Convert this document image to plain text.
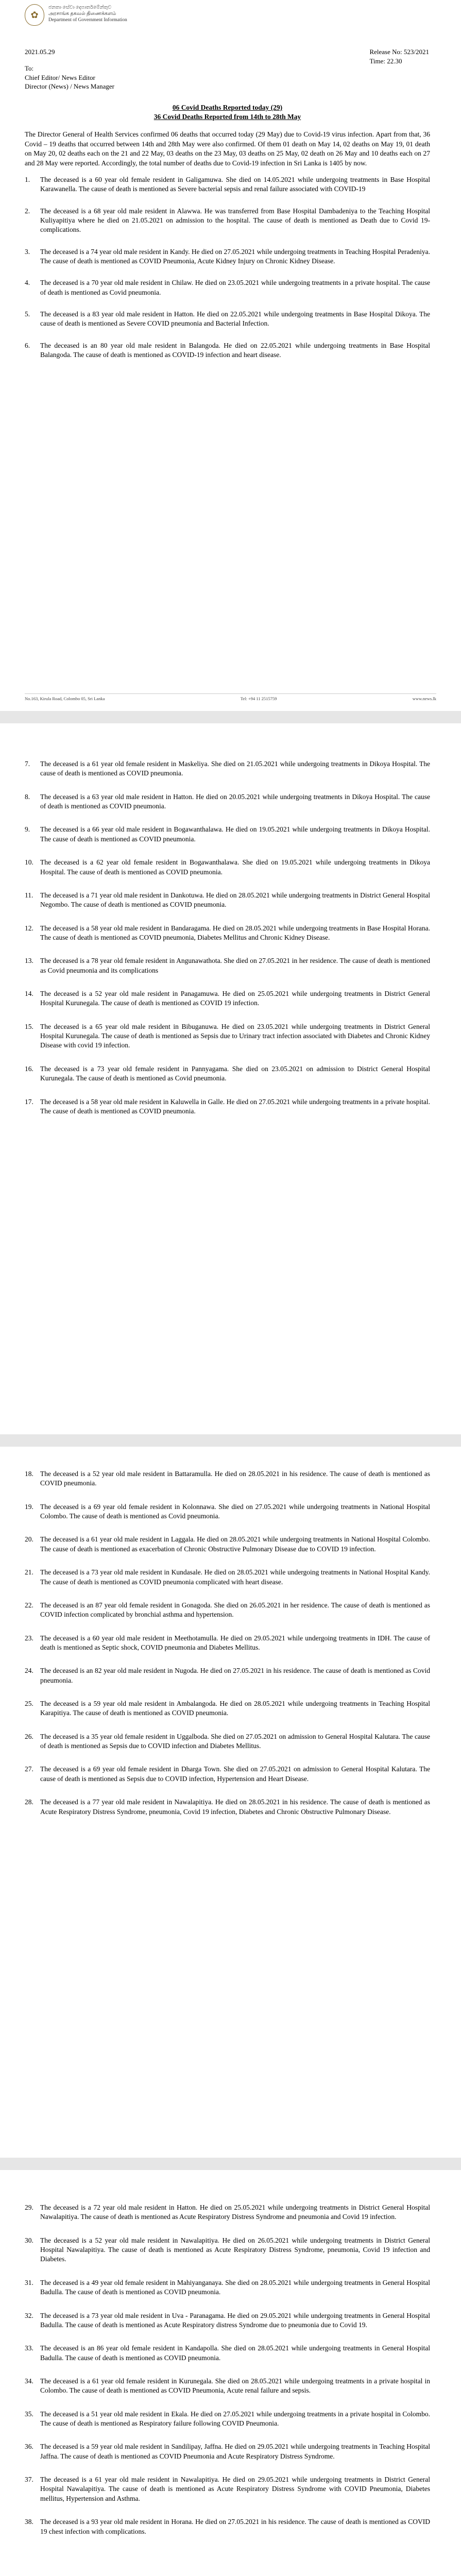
✿
ජනතා සේවා දෙපාර්තමේන්තුව
அரசாங்க தகவல் திணைக்களம்
Department of Government Information
2021.05.29	Release No: 523/2021
Time: 22.30
To:
Chief Editor/ News Editor
Director (News) / News Manager
06 Covid Deaths Reported today (29)
36 Covid Deaths Reported from 14th to 28th May

The Director General of Health Services confirmed 06 deaths that occurred today (29 May) due to Covid-19 virus infection. Apart from that, 36 Covid – 19 deaths that occurred between 14th and 28th May were also confirmed. Of them 01 death on May 14, 02 deaths on May 19, 01 death on May 20, 02 deaths each on the 21 and 22 May, 03 deaths on the 23 May, 03 deaths on 25 May, 02 death on 26 May and 10 deaths each on 27 and 28 May were reported. Accordingly, the total number of deaths due to Covid-19 infection in Sri Lanka is 1405 by now.

1.	The deceased is a 60 year old female resident in Galigamuwa. She died on 14.05.2021 while undergoing treatments in Base Hospital Karawanella. The cause of death is mentioned as Severe bacterial sepsis and renal failure associated with COVID-19
2.	The deceased is a 68 year old male resident in Alawwa. He was transferred from Base Hospital Dambadeniya to the Teaching Hospital Kuliyapitiya where he died on 21.05.2021 on admission to the hospital. The cause of death is mentioned as Death due to Covid 19- complications.
3.	The deceased is a 74 year old male resident in Kandy. He died on 27.05.2021 while undergoing treatments in Teaching Hospital Peradeniya. The cause of death is mentioned as COVID Pneumonia, Acute Kidney Injury on Chronic Kidney Disease.
4.	The deceased is a 70 year old male resident in Chilaw. He died on 23.05.2021 while undergoing treatments in a private hospital. The cause of death is mentioned as Covid pneumonia.
5.	The deceased is a 83 year old male resident in Hatton. He died on 22.05.2021 while undergoing treatments in Base Hospital Dikoya. The cause of death is mentioned as Severe COVID pneumonia and Bacterial Infection.
6.	The deceased is an 80 year old male resident in Balangoda. He died on 22.05.2021 while undergoing treatments in Base Hospital Balangoda. The cause of death is mentioned as COVID-19 infection and heart disease.
No.163, Kirula Road, Colombo 05, Sri Lanka	Tel: +94 11 2515759	www.news.lk
7.	The deceased is a 61 year old female resident in Maskeliya. She died on 21.05.2021 while undergoing treatments in Dikoya Hospital. The cause of death is mentioned as COVID pneumonia.
8.	The deceased is a 63 year old male resident in Hatton. He died on 20.05.2021 while undergoing treatments in Dikoya Hospital. The cause of death is mentioned as COVID pneumonia.
9.	The deceased is a 66 year old male resident in Bogawanthalawa. He died on 19.05.2021 while undergoing treatments in Dikoya Hospital. The cause of death is mentioned as COVID pneumonia.
10. The deceased is a 62 year old female resident in Bogawanthalawa. She died on 19.05.2021 while undergoing treatments in Dikoya Hospital. The cause of death is mentioned as COVID pneumonia.
11.	The deceased is a 71 year old male resident in Dankotuwa. He died on 28.05.2021 while undergoing treatments in District General Hospital Negombo. The cause of death is mentioned as COVID pneumonia.
12. The deceased is a 58 year old male resident in Bandaragama. He died on 28.05.2021 while undergoing treatments in Base Hospital Horana. The cause of death is mentioned as COVID pneumonia, Diabetes Mellitus and Chronic Kidney Disease.
13. The deceased is a 78 year old female resident in Angunawathota. She died on 27.05.2021 in her residence. The cause of death is mentioned as Covid pneumonia and its complications
14. The deceased is a 52 year old male resident in Panagamuwa. He died on 25.05.2021 while undergoing treatments in District General Hospital Kurunegala. The cause of death is mentioned as COVID 19 infection.
15. The deceased is a 65 year old male resident in Bibuganuwa. He died on 23.05.2021 while undergoing treatments in District General Hospital Kurunegala. The cause of death is mentioned as Sepsis due to Urinary tract infection associated with Diabetes and Chronic Kidney Disease with covid 19 infection.
16. The deceased is a 73 year old female resident in Pannyagama. She died on 23.05.2021 on admission to District General Hospital Kurunegala. The cause of death is mentioned as Covid pneumonia.
17. The deceased is a 58 year old male resident in Kaluwella in Galle. He died on 27.05.2021 while undergoing treatments in a private hospital. The cause of death is mentioned as COVID pneumonia.
18. The deceased is a 52 year old male resident in Battaramulla. He died on 28.05.2021 in his residence. The cause of death is mentioned as COVID pneumonia.
19. The deceased is a 69 year old female resident in Kolonnawa. She died on 27.05.2021 while undergoing treatments in National Hospital Colombo. The cause of death is mentioned as Covid pneumonia.
20. The deceased is a 61 year old male resident in Laggala. He died on 28.05.2021 while undergoing treatments in National Hospital Colombo. The cause of death is mentioned as exacerbation of Chronic Obstructive Pulmonary Disease due to COVID 19 infection.
21. The deceased is a 73 year old male resident in Kundasale. He died on 28.05.2021 while undergoing treatments in National Hospital Kandy. The cause of death is mentioned as COVID pneumonia complicated with heart disease.
22. The deceased is an 87 year old female resident in Gonagoda. She died on 26.05.2021 in her residence. The cause of death is mentioned as COVID infection complicated by bronchial asthma and hypertension.
23. The deceased is a 60 year old male resident in Meethotamulla. He died on 29.05.2021 while undergoing treatments in IDH. The cause of death is mentioned as Septic shock, COVID pneumonia and Diabetes Mellitus.
24. The deceased is an 82 year old male resident in Nugoda. He died on 27.05.2021 in his residence. The cause of death is mentioned as Covid pneumonia.
25. The deceased is a 59 year old male resident in Ambalangoda. He died on 28.05.2021 while undergoing treatments in Teaching Hospital Karapitiya. The cause of death is mentioned as COVID pneumonia.
26. The deceased is a 35 year old female resident in Uggalboda. She died on 27.05.2021 on admission to General Hospital Kalutara. The cause of death is mentioned as Sepsis due to COVID infection and Diabetes Mellitus.
27. The deceased is a 69 year old female resident in Dharga Town. She died on 27.05.2021 on admission to General Hospital Kalutara. The cause of death is mentioned as Sepsis due to COVID infection, Hypertension and Heart Disease.
28. The deceased is a 77 year old male resident in Nawalapitiya. He died on 28.05.2021 in his residence. The cause of death is mentioned as Acute Respiratory Distress Syndrome, pneumonia, Covid 19 infection, Diabetes and Chronic Obstructive Pulmonary Disease.
29. The deceased is a 72 year old male resident in Hatton. He died on 25.05.2021 while undergoing treatments in District General Hospital Nawalapitiya. The cause of death is mentioned as Acute Respiratory Distress Syndrome and pneumonia and Covid 19 infection.
30. The deceased is a 52 year old male resident in Nawalapitiya. He died on 26.05.2021 while undergoing treatments in District General Hospital Nawalapitiya. The cause of death is mentioned as Acute Respiratory Distress Syndrome, pneumonia, Covid 19 infection and Diabetes.
31. The deceased is a 49 year old female resident in Mahiyanganaya. She died on 28.05.2021 while undergoing treatments in General Hospital Badulla. The cause of death is mentioned as COVID pneumonia.
32. The deceased is a 73 year old male resident in Uva - Paranagama. He died on 29.05.2021 while undergoing treatments in General Hospital Badulla. The cause of death is mentioned as Acute Respiratory distress Syndrome due to pneumonia due to Covid 19.
33. The deceased is an 86 year old female resident in Kandapolla. She died on 28.05.2021 while undergoing treatments in General Hospital Badulla. The cause of death is mentioned as COVID pneumonia.
34. The deceased is a 61 year old female resident in Kurunegala. She died on 28.05.2021 while undergoing treatments in a private hospital in Colombo. The cause of death is mentioned as COVID Pneumonia, Acute renal failure and sepsis.
35. The deceased is a 51 year old male resident in Ekala. He died on 27.05.2021 while undergoing treatments in a private hospital in Colombo. The cause of death is mentioned as Respiratory failure following COVID Pneumonia.
36. The deceased is a 59 year old male resident in Sandilipay, Jaffna. He died on 29.05.2021 while undergoing treatments in Teaching Hospital Jaffna. The cause of death is mentioned as COVID Pneumonia and Acute Respiratory Distress Syndrome.
37. The deceased is a 61 year old male resident in Nawalapitiya. He died on 29.05.2021 while undergoing treatments in District General Hospital Nawalapitiya. The cause of death is mentioned as Acute Respiratory Distress Syndrome with COVID Pneumonia, Diabetes mellitus, Hypertension and Asthma.
38. The deceased is a 93 year old male resident in Horana. He died on 27.05.2021 in his residence. The cause of death is mentioned as COVID 19 chest infection with complications.
